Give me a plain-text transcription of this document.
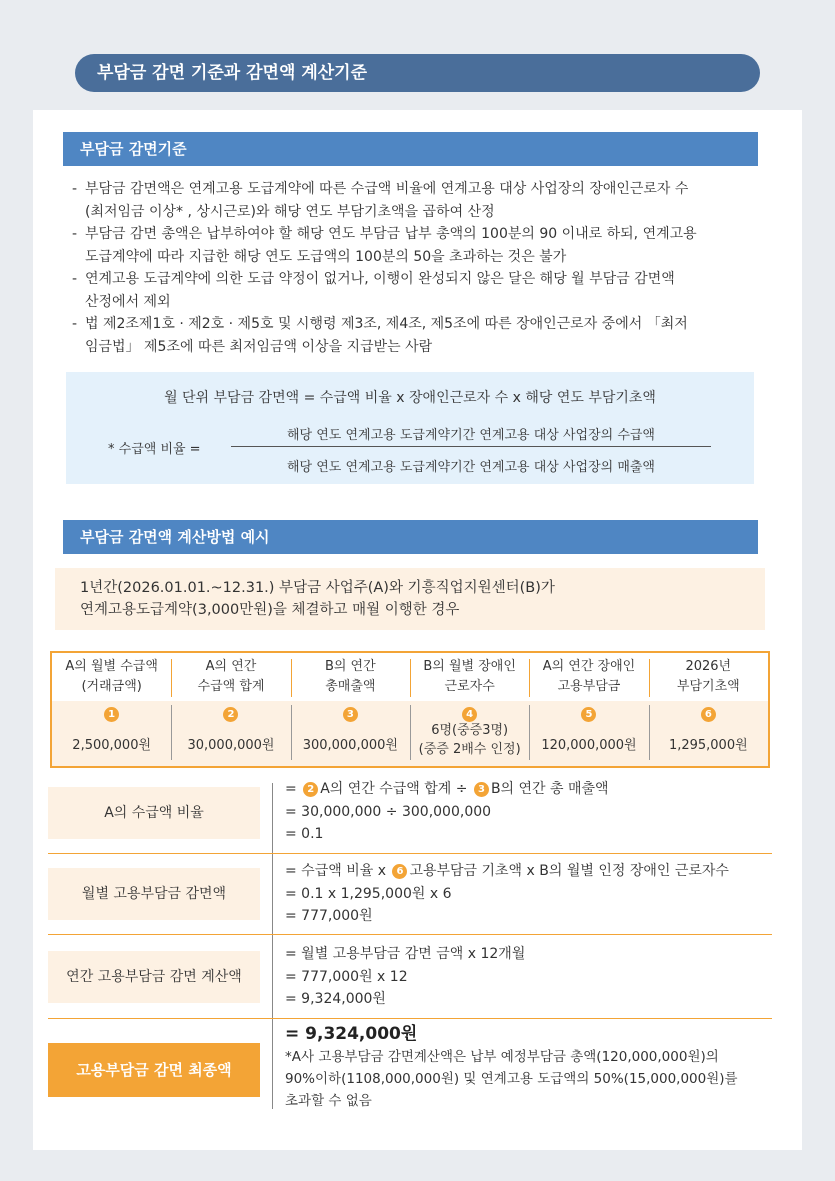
부담금 감면 기준과 감면액 계산기준
부담금 감면기준
- 부담금 감면액은 연계고용 도급계약에 따른 수급액 비율에 연계고용 대상 사업장의 장애인근로자 수
(최저임금 이상* , 상시근로)와 해당 연도 부담기초액을 곱하여 산정
- 부담금 감면 총액은 납부하여야 할 해당 연도 부담금 납부 총액의 100분의 90 이내로 하되, 연계고용
도급계약에 따라 지급한 해당 연도 도급액의 100분의 50을 초과하는 것은 불가
- 연계고용 도급계약에 의한 도급 약정이 없거나, 이행이 완성되지 않은 달은 해당 월 부담금 감면액
산정에서 제외
- 법 제2조제1호 · 제2호 · 제5호 및 시행령 제3조, 제4조, 제5조에 따른 장애인근로자 중에서 「최저
임금법」 제5조에 따른 최저임금액 이상을 지급받는 사람
월 단위 부담금 감면액 = 수급액 비율 x 장애인근로자 수 x 해당 연도 부담기초액
* 수급액 비율 =
해당 연도 연계고용 도급계약기간 연계고용 대상 사업장의 수급액
해당 연도 연계고용 도급계약기간 연계고용 대상 사업장의 매출액
부담금 감면액 계산방법 예시
1년간(2026.01.01.~12.31.) 부담금 사업주(A)와 기흥직업지원센터(B)가
연계고용도급계약(3,000만원)을 체결하고 매월 이행한 경우
A의 월별 수급액
(거래금액)
1
2,500,000원
A의 연간
수급액 합계
2
30,000,000원
B의 연간
총매출액
3
300,000,000원
B의 월별 장애인
근로자수
4
6명(중증3명)
(중증 2배수 인정)
A의 연간 장애인
고용부담금
5
120,000,000원
2026년
부담기초액
6
1,295,000원
A의 수급액 비율
= 2 A의 연간 수급액 합계 ÷ 3 B의 연간 총 매출액
= 30,000,000 ÷ 300,000,000
= 0.1
월별 고용부담금 감면액
= 수급액 비율 x 6 고용부담금 기초액 x B의 월별 인정 장애인 근로자수
= 0.1 x 1,295,000원 x 6
= 777,000원
연간 고용부담금 감면 계산액
= 월별 고용부담금 감면 금액 x 12개월
= 777,000원 x 12
= 9,324,000원
고용부담금 감면 최종액
= 9,324,000원
*A사 고용부담금 감면계산액은 납부 예정부담금 총액(120,000,000원)의
90%이하(1108,000,000원) 및 연계고용 도급액의 50%(15,000,000원)를
초과할 수 없음
